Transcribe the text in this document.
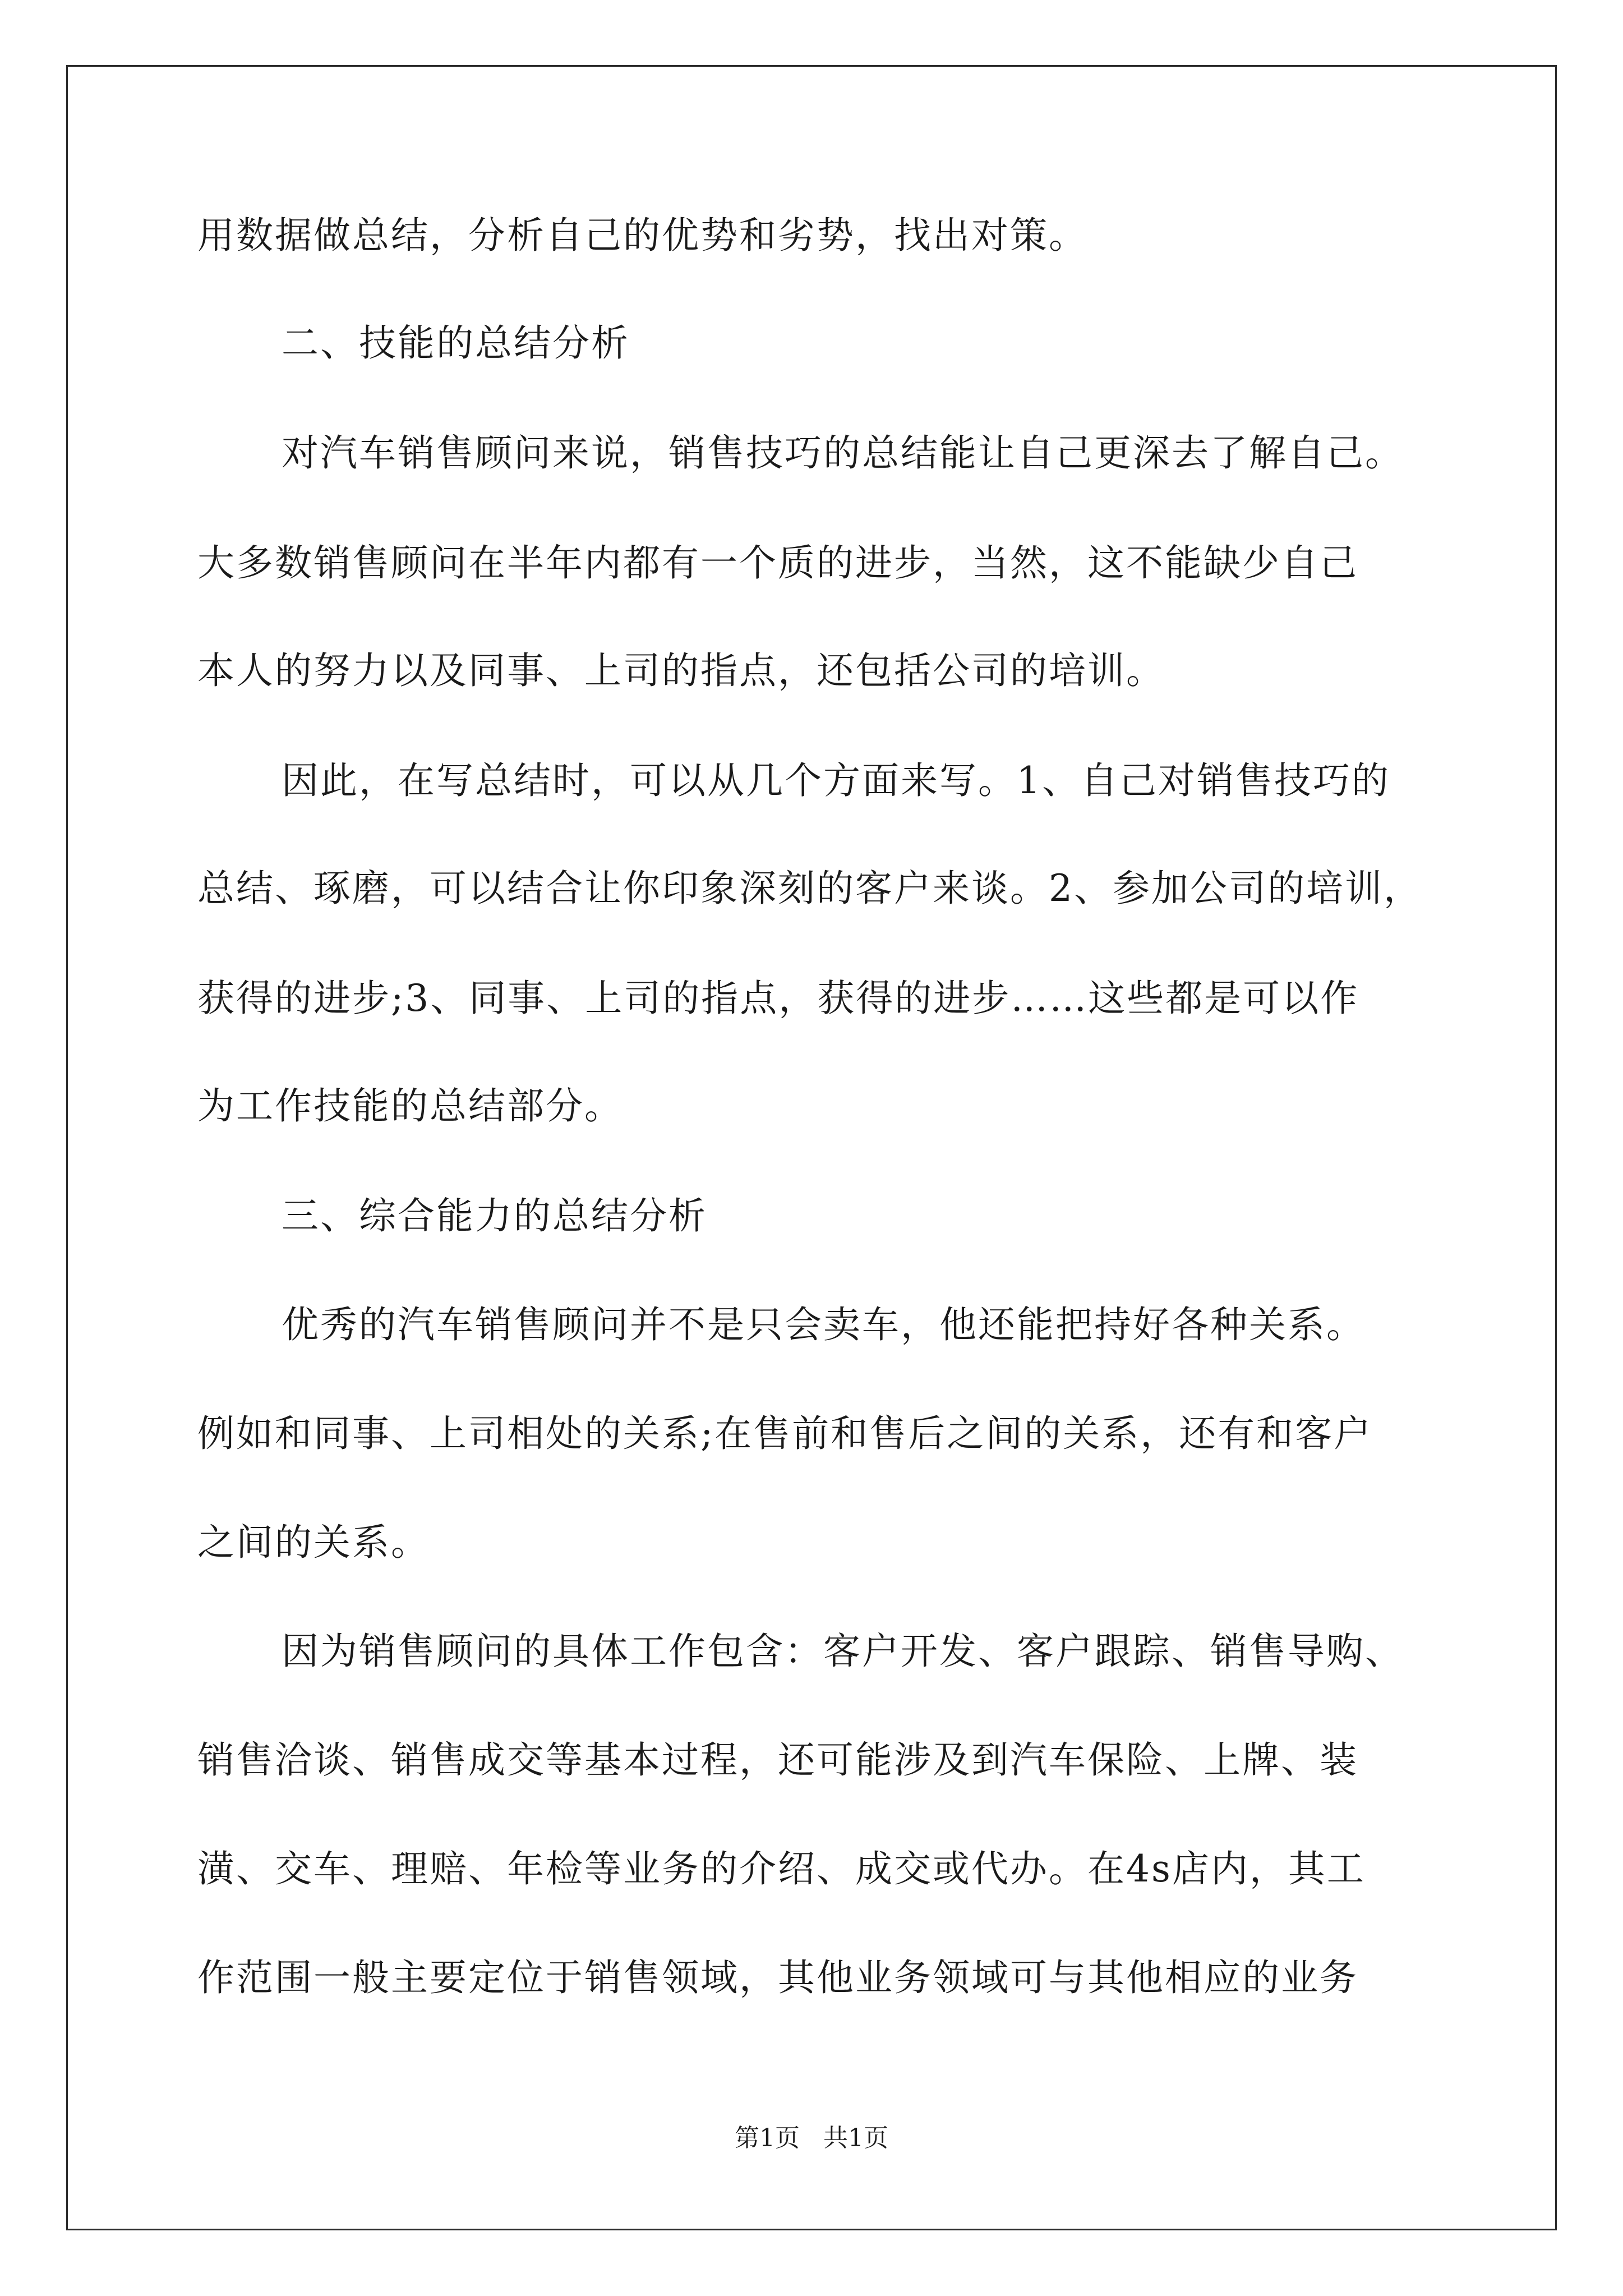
用数据做总结，分析自己的优势和劣势，找出对策。

二、技能的总结分析

对汽车销售顾问来说，销售技巧的总结能让自己更深去了解自己。

大多数销售顾问在半年内都有一个质的进步，当然，这不能缺少自己

本人的努力以及同事、上司的指点，还包括公司的培训。

因此，在写总结时，可以从几个方面来写。1、自己对销售技巧的

总结、琢磨，可以结合让你印象深刻的客户来谈。2、参加公司的培训，

获得的进步;3、同事、上司的指点，获得的进步……这些都是可以作

为工作技能的总结部分。

三、综合能力的总结分析

优秀的汽车销售顾问并不是只会卖车，他还能把持好各种关系。

例如和同事、上司相处的关系;在售前和售后之间的关系，还有和客户

之间的关系。

因为销售顾问的具体工作包含：客户开发、客户跟踪、销售导购、

销售洽谈、销售成交等基本过程，还可能涉及到汽车保险、上牌、装

潢、交车、理赔、年检等业务的介绍、成交或代办。在4s店内，其工

作范围一般主要定位于销售领域，其他业务领域可与其他相应的业务

第1页   共1页
